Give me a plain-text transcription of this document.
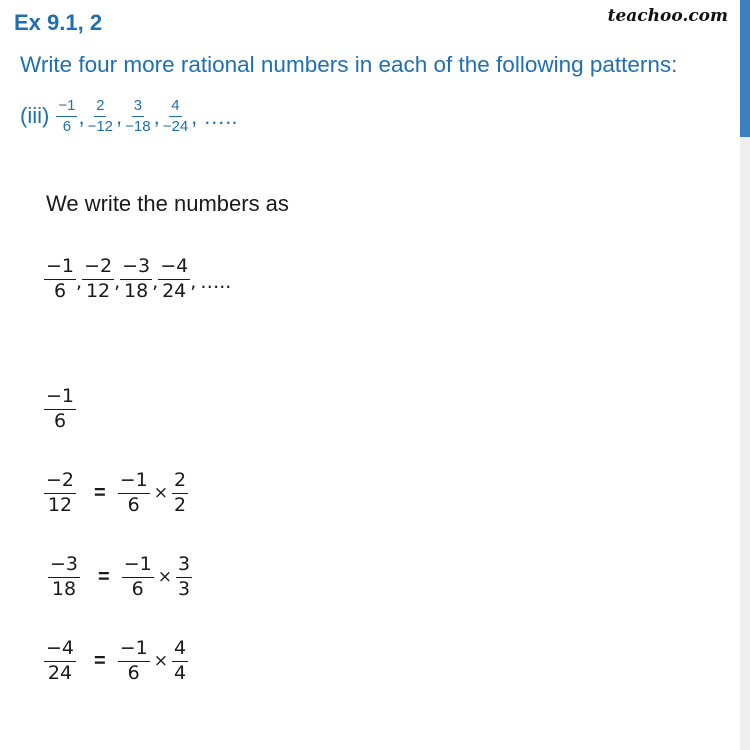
Ex 9.1, 2	teachoo.com
Write four more rational numbers in each of the following patterns:
$(iii) \frac{-1}{6}$ , $\frac{2}{-12}$ , $\frac{3}{-18}$ , $\frac{4}{-24}$ , …..
We write the numbers as
$\frac{-1}{6}$ , $\frac{-2}{12}$ , $\frac{-3}{18}$ , $\frac{-4}{24}$ , …..
$\frac{-1}{6}$
$\frac{-2}{12} = \frac{-1}{6} \times \frac{2}{2}$
$\frac{-3}{18} = \frac{-1}{6} \times \frac{3}{3}$
$\frac{-4}{24} = \frac{-1}{6} \times \frac{4}{4}$
